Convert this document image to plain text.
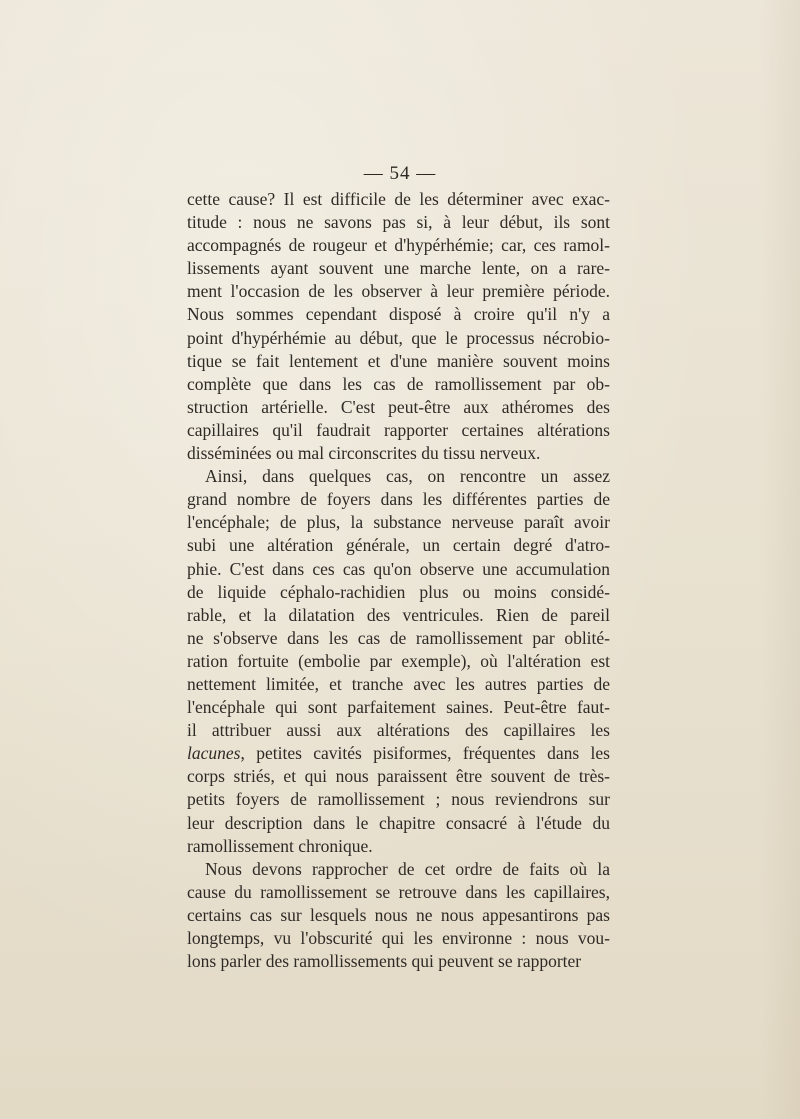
— 54 —
cette cause? Il est difficile de les déterminer avec exac-
titude : nous ne savons pas si, à leur début, ils sont
accompagnés de rougeur et d'hypérhémie; car, ces ramol-
lissements ayant souvent une marche lente, on a rare-
ment l'occasion de les observer à leur première période.
Nous sommes cependant disposé à croire qu'il n'y a
point d'hypérhémie au début, que le processus nécrobio-
tique se fait lentement et d'une manière souvent moins
complète que dans les cas de ramollissement par ob-
struction artérielle. C'est peut-être aux athéromes des
capillaires qu'il faudrait rapporter certaines altérations
disséminées ou mal circonscrites du tissu nerveux.
Ainsi, dans quelques cas, on rencontre un assez
grand nombre de foyers dans les différentes parties de
l'encéphale; de plus, la substance nerveuse paraît avoir
subi une altération générale, un certain degré d'atro-
phie. C'est dans ces cas qu'on observe une accumulation
de liquide céphalo-rachidien plus ou moins considé-
rable, et la dilatation des ventricules. Rien de pareil
ne s'observe dans les cas de ramollissement par oblité-
ration fortuite (embolie par exemple), où l'altération est
nettement limitée, et tranche avec les autres parties de
l'encéphale qui sont parfaitement saines. Peut-être faut-
il attribuer aussi aux altérations des capillaires les
lacunes, petites cavités pisiformes, fréquentes dans les
corps striés, et qui nous paraissent être souvent de très-
petits foyers de ramollissement ; nous reviendrons sur
leur description dans le chapitre consacré à l'étude du
ramollissement chronique.
Nous devons rapprocher de cet ordre de faits où la
cause du ramollissement se retrouve dans les capillaires,
certains cas sur lesquels nous ne nous appesantirons pas
longtemps, vu l'obscurité qui les environne : nous vou-
lons parler des ramollissements qui peuvent se rapporter
